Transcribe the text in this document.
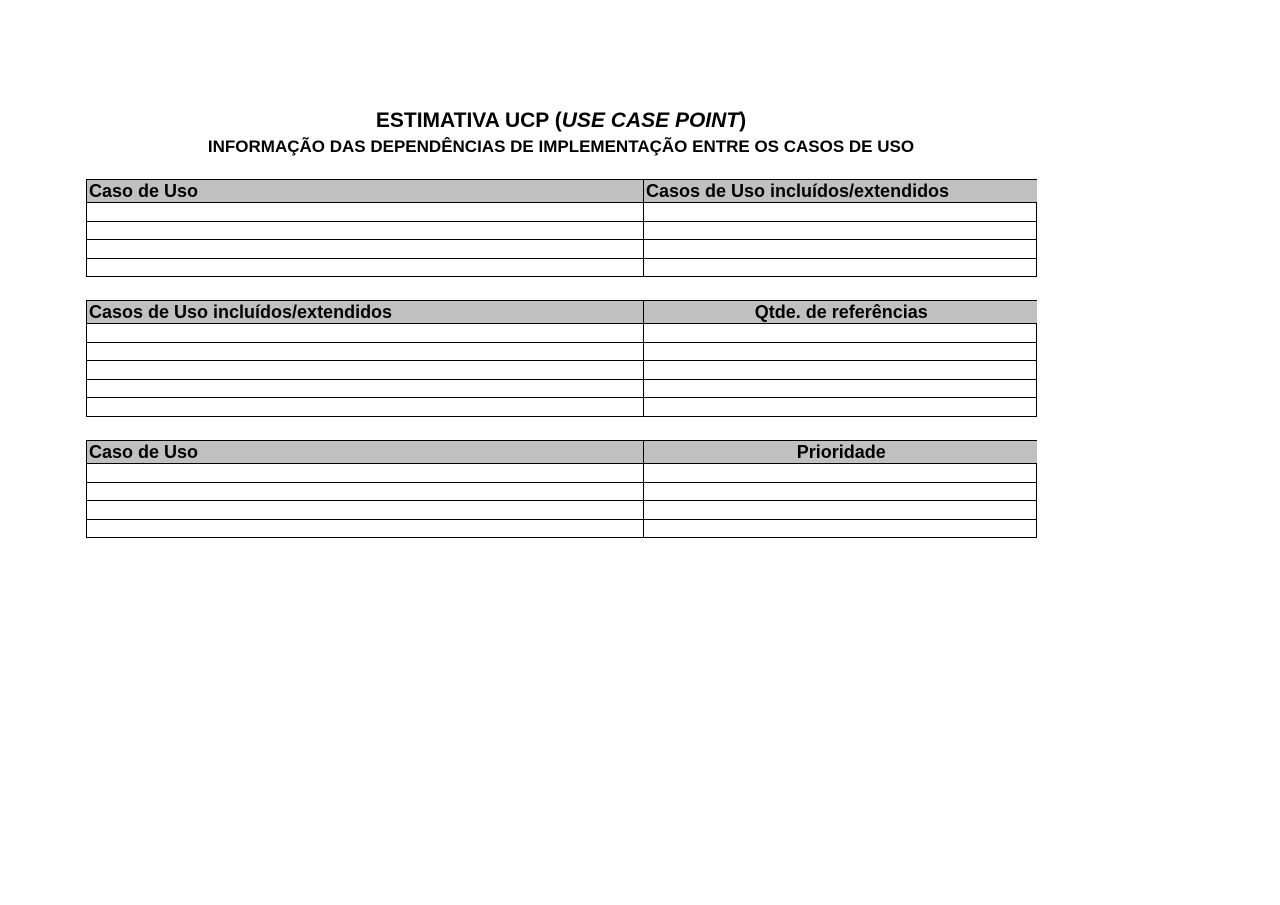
ESTIMATIVA UCP (USE CASE POINT)
INFORMAÇÃO DAS DEPENDÊNCIAS DE IMPLEMENTAÇÃO ENTRE OS CASOS DE USO
Caso de Uso	Casos de Uso incluídos/extendidos

Casos de Uso incluídos/extendidos	Qtde. de referências

Caso de Uso	Prioridade
